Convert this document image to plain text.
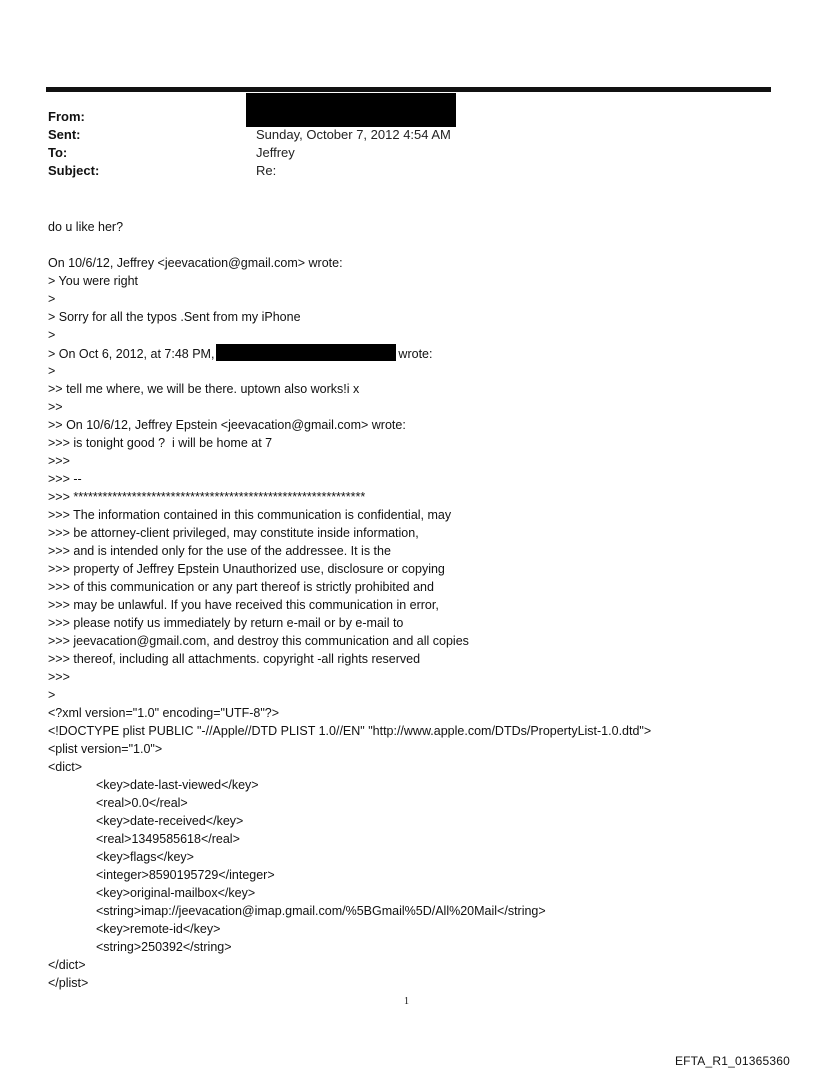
From:
Sent:	Sunday, October 7, 2012 4:54 AM
To:	Jeffrey
Subject:	Re:
do u like her?
On 10/6/12, Jeffrey <jeevacation@gmail.com> wrote:
> You were right
>
> Sorry for all the typos .Sent from my iPhone
>
> On Oct 6, 2012, at 7:48 PM,	wrote:
>
>> tell me where, we will be there. uptown also works!i x
>>
>> On 10/6/12, Jeffrey Epstein <jeevacation@gmail.com> wrote:
>>> is tonight good ?  i will be home at 7
>>>
>>> --
>>> ************************************************************
>>> The information contained in this communication is confidential, may
>>> be attorney-client privileged, may constitute inside information,
>>> and is intended only for the use of the addressee. It is the
>>> property of Jeffrey Epstein Unauthorized use, disclosure or copying
>>> of this communication or any part thereof is strictly prohibited and
>>> may be unlawful. If you have received this communication in error,
>>> please notify us immediately by return e-mail or by e-mail to
>>> jeevacation@gmail.com, and destroy this communication and all copies
>>> thereof, including all attachments. copyright -all rights reserved
>>>
>
<?xml version="1.0" encoding="UTF-8"?>
<!DOCTYPE plist PUBLIC "-//Apple//DTD PLIST 1.0//EN" "http://www.apple.com/DTDs/PropertyList-1.0.dtd">
<plist version="1.0">
<dict>
<key>date-last-viewed</key>
<real>0.0</real>
<key>date-received</key>
<real>1349585618</real>
<key>flags</key>
<integer>8590195729</integer>
<key>original-mailbox</key>
<string>imap://jeevacation@imap.gmail.com/%5BGmail%5D/All%20Mail</string>
<key>remote-id</key>
<string>250392</string>
</dict>
</plist>
1
EFTA_R1_01365360
